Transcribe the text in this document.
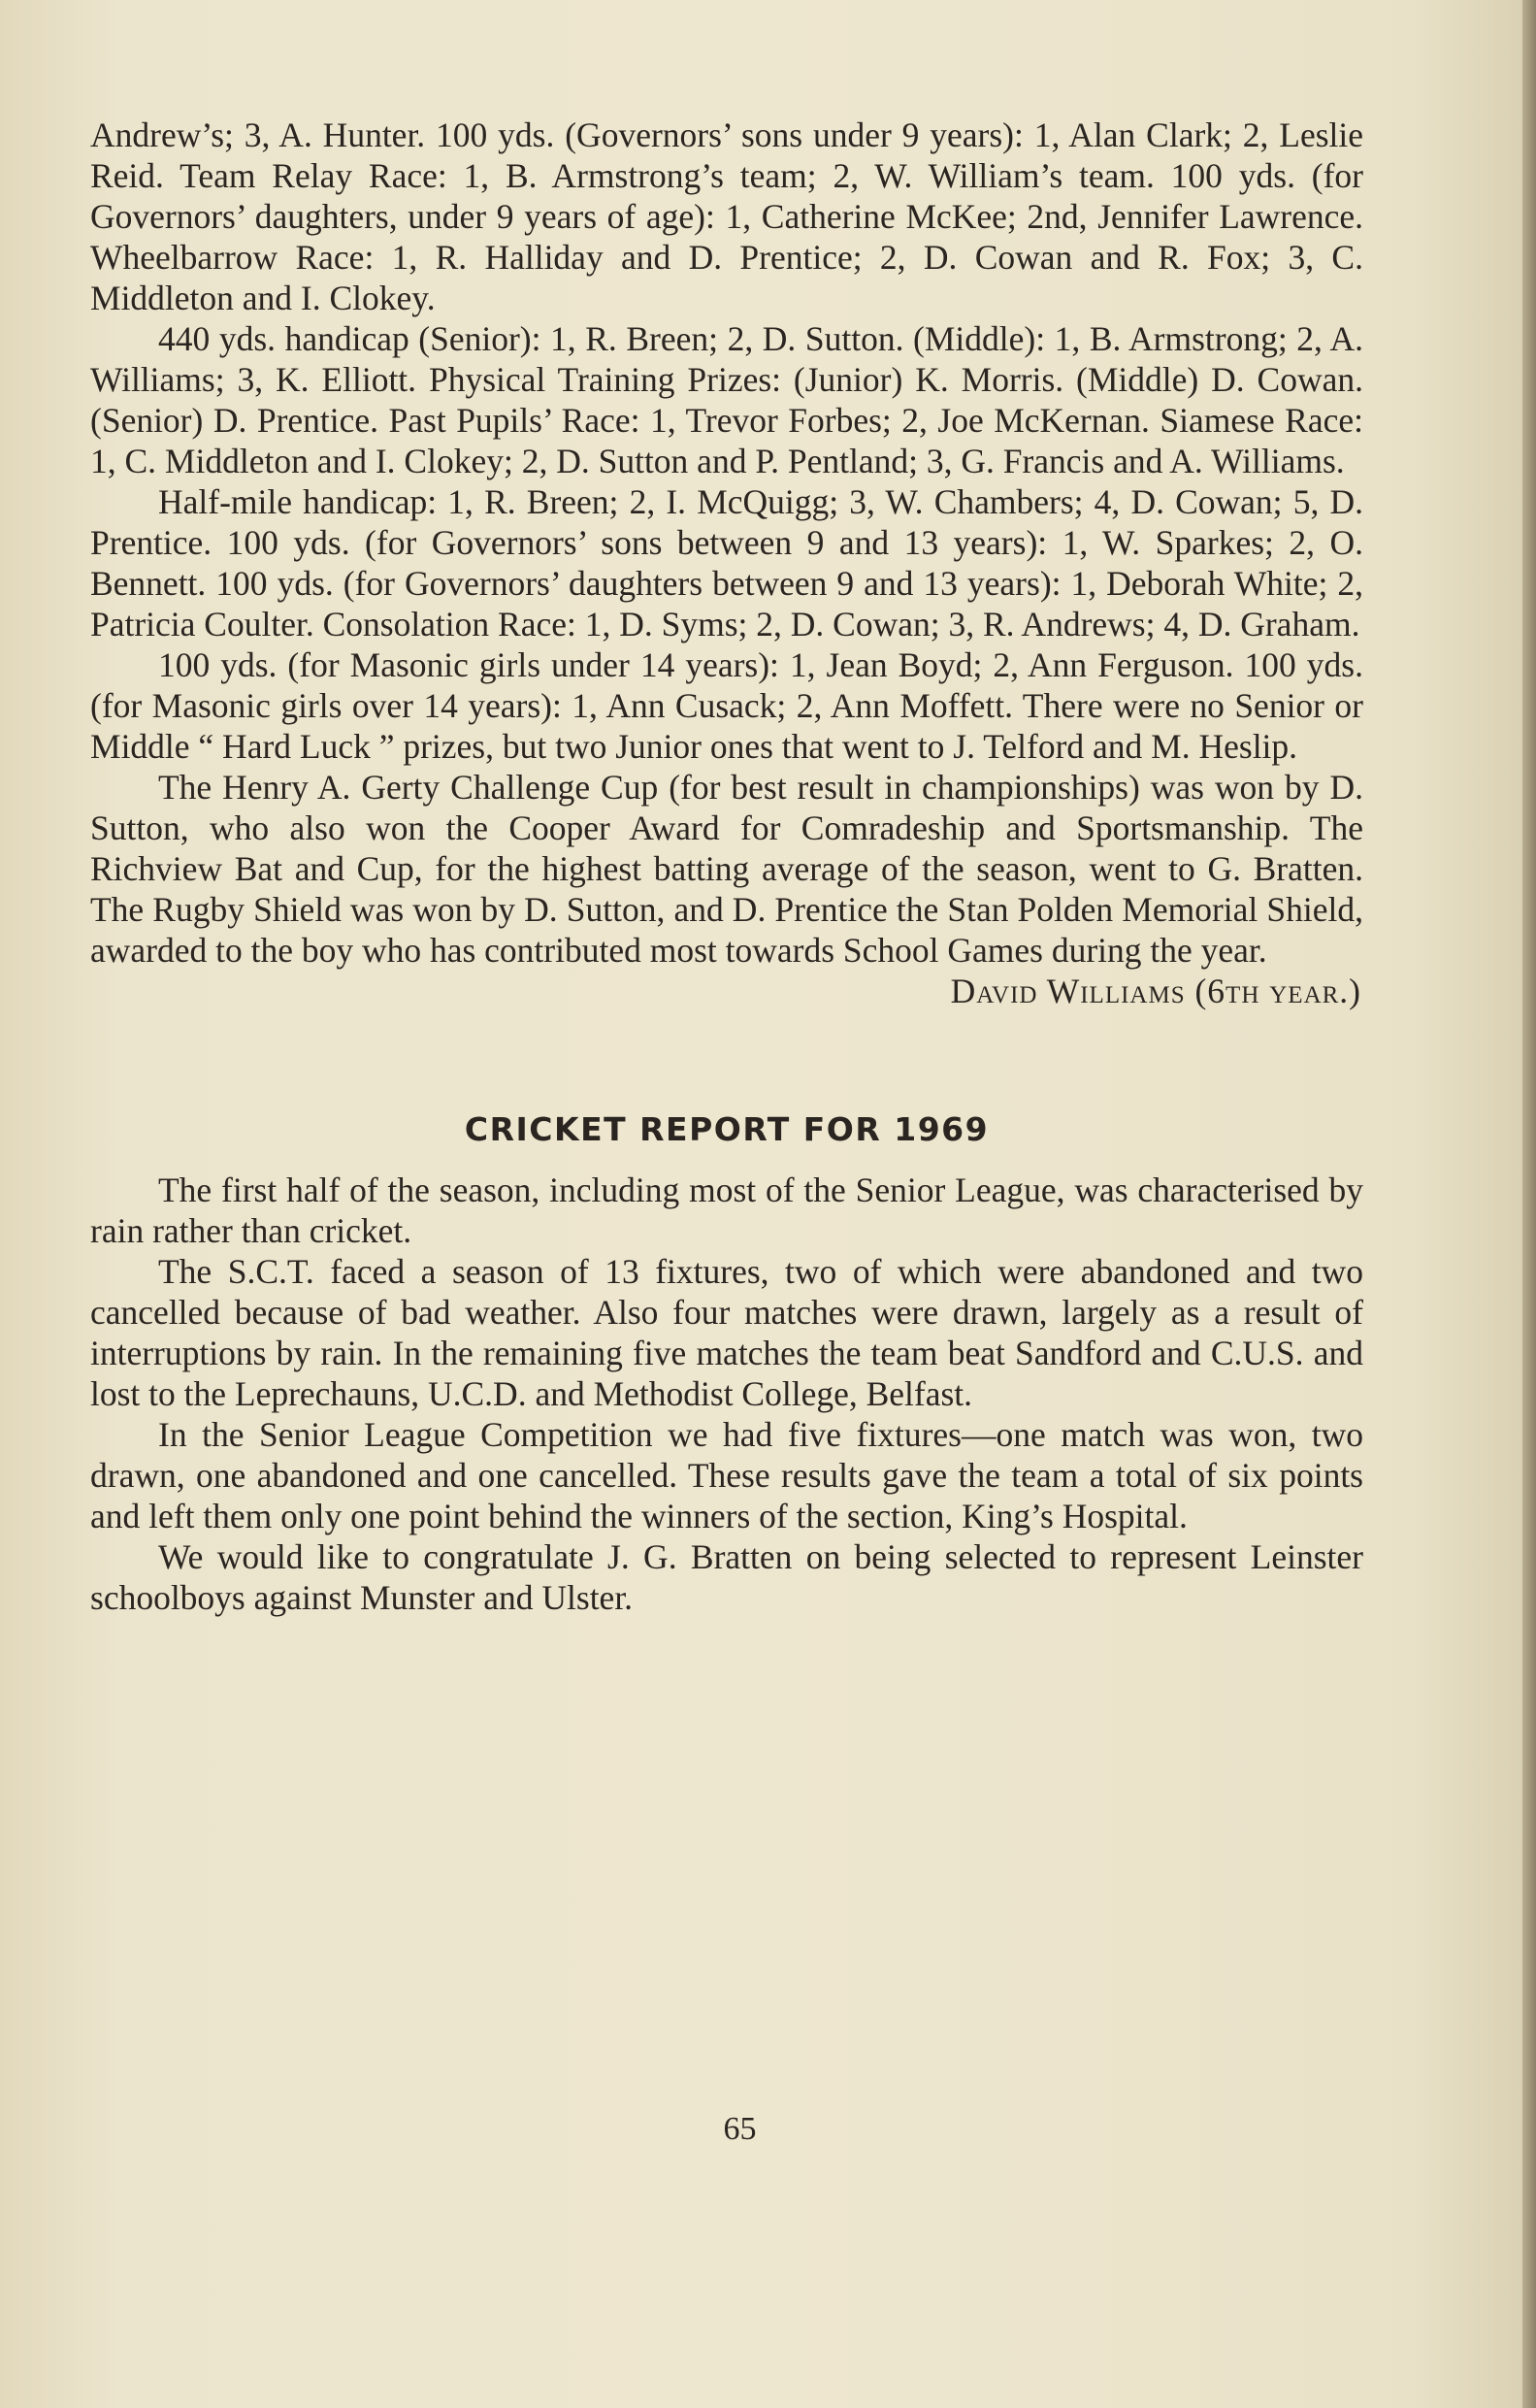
Andrew’s; 3, A. Hunter. 100 yds. (Governors’ sons under 9 years): 1, Alan Clark; 2, Leslie Reid. Team Relay Race: 1, B. Armstrong’s team; 2, W. William’s team. 100 yds. (for Governors’ daughters, under 9 years of age): 1, Catherine McKee; 2nd, Jennifer Lawrence. Wheelbarrow Race: 1, R. Halliday and D. Prentice; 2, D. Cowan and R. Fox; 3, C. Middleton and I. Clokey.

440 yds. handicap (Senior): 1, R. Breen; 2, D. Sutton. (Middle): 1, B. Armstrong; 2, A. Williams; 3, K. Elliott. Physical Training Prizes: (Junior) K. Morris. (Middle) D. Cowan. (Senior) D. Prentice. Past Pupils’ Race: 1, Trevor Forbes; 2, Joe McKernan. Siamese Race: 1, C. Middleton and I. Clokey; 2, D. Sutton and P. Pentland; 3, G. Francis and A. Williams.

Half-mile handicap: 1, R. Breen; 2, I. McQuigg; 3, W. Chambers; 4, D. Cowan; 5, D. Prentice. 100 yds. (for Governors’ sons between 9 and 13 years): 1, W. Sparkes; 2, O. Bennett. 100 yds. (for Governors’ daughters between 9 and 13 years): 1, Deborah White; 2, Patricia Coulter. Consolation Race: 1, D. Syms; 2, D. Cowan; 3, R. Andrews; 4, D. Graham.

100 yds. (for Masonic girls under 14 years): 1, Jean Boyd; 2, Ann Ferguson. 100 yds. (for Masonic girls over 14 years): 1, Ann Cusack; 2, Ann Moffett. There were no Senior or Middle “ Hard Luck ” prizes, but two Junior ones that went to J. Telford and M. Heslip.

The Henry A. Gerty Challenge Cup (for best result in championships) was won by D. Sutton, who also won the Cooper Award for Comradeship and Sportsmanship. The Richview Bat and Cup, for the highest batting average of the season, went to G. Bratten. The Rugby Shield was won by D. Sutton, and D. Prentice the Stan Polden Memorial Shield, awarded to the boy who has contributed most towards School Games during the year.

David Williams (6th year.)

CRICKET REPORT FOR 1969

The first half of the season, including most of the Senior League, was characterised by rain rather than cricket.

The S.C.T. faced a season of 13 fixtures, two of which were abandoned and two cancelled because of bad weather. Also four matches were drawn, largely as a result of interruptions by rain. In the remaining five matches the team beat Sandford and C.U.S. and lost to the Leprechauns, U.C.D. and Methodist College, Belfast.

In the Senior League Competition we had five fixtures—one match was won, two drawn, one abandoned and one cancelled. These results gave the team a total of six points and left them only one point behind the winners of the section, King’s Hospital.

We would like to congratulate J. G. Bratten on being selected to represent Leinster schoolboys against Munster and Ulster.

65
